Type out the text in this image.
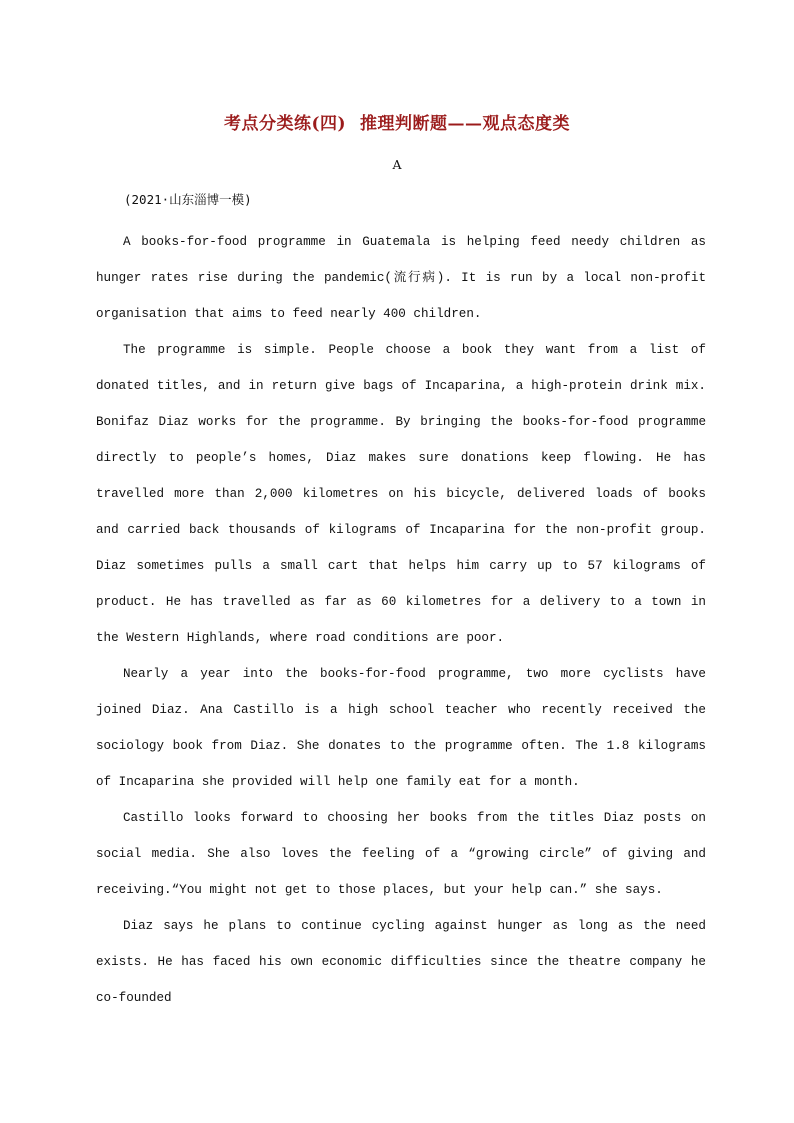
考点分类练(四) 推理判断题——观点态度类
A
(2021·山东淄博一模)

A books-for-food programme in Guatemala is helping feed needy children as hunger rates rise during the pandemic(流行病). It is run by a local non-profit organisation that aims to feed nearly 400 children.

The programme is simple. People choose a book they want from a list of donated titles, and in return give bags of Incaparina, a high-protein drink mix. Bonifaz Diaz works for the programme. By bringing the books-for-food programme directly to people’s homes, Diaz makes sure donations keep flowing. He has travelled more than 2,000 kilometres on his bicycle, delivered loads of books and carried back thousands of kilograms of Incaparina for the non-profit group. Diaz sometimes pulls a small cart that helps him carry up to 57 kilograms of product. He has travelled as far as 60 kilometres for a delivery to a town in the Western Highlands, where road conditions are poor.

Nearly a year into the books-for-food programme, two more cyclists have joined Diaz. Ana Castillo is a high school teacher who recently received the sociology book from Diaz. She donates to the programme often. The 1.8 kilograms of Incaparina she provided will help one family eat for a month.

Castillo looks forward to choosing her books from the titles Diaz posts on social media. She also loves the feeling of a “growing circle” of giving and receiving.“You might not get to those places, but your help can.” she says.

Diaz says he plans to continue cycling against hunger as long as the need exists. He has faced his own economic difficulties since the theatre company he co-founded
